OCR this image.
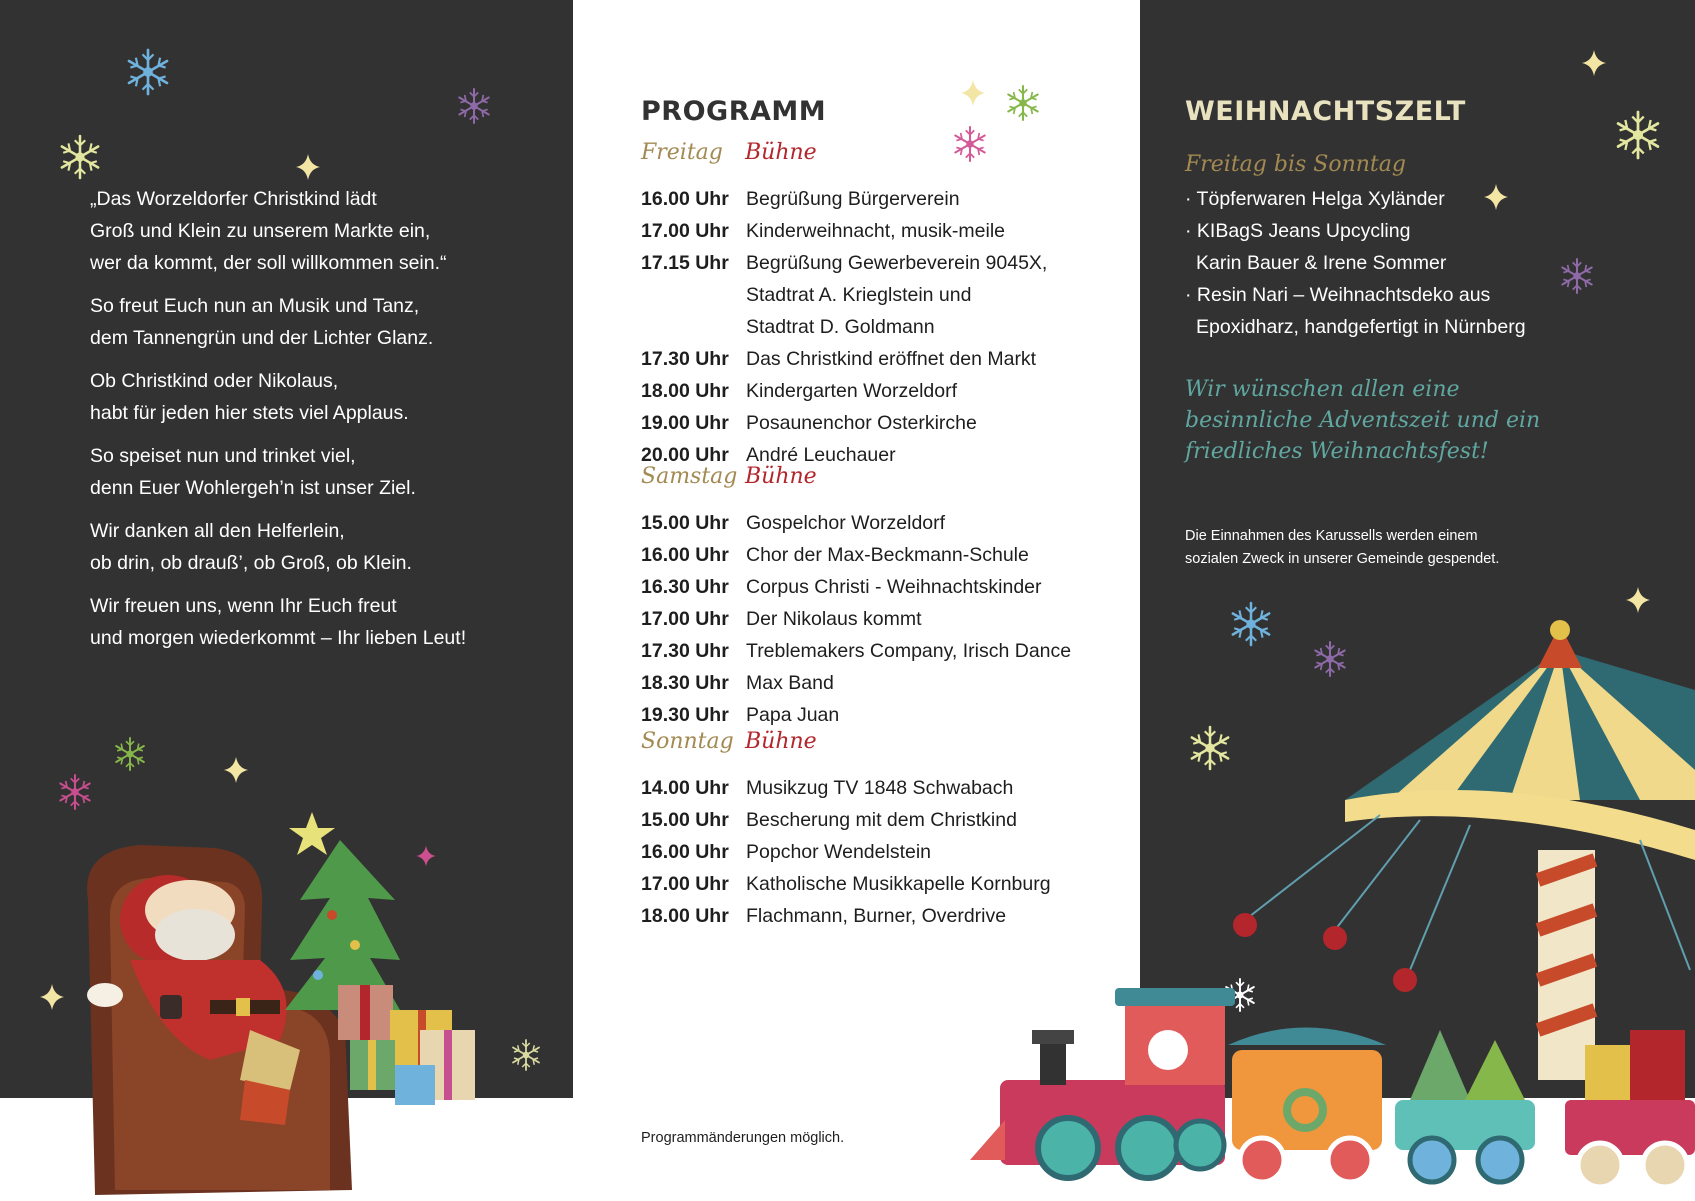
„Das Worzeldorfer Christkind lädt
Groß und Klein zu unserem Markte ein,
wer da kommt, der soll willkommen sein.“
So freut Euch nun an Musik und Tanz,
dem Tannengrün und der Lichter Glanz.
Ob Christkind oder Nikolaus,
habt für jeden hier stets viel Applaus.
So speiset nun und trinket viel,
denn Euer Wohlergeh’n ist unser Ziel.
Wir danken all den Helferlein,
ob drin, ob drauß’, ob Groß, ob Klein.
Wir freuen uns, wenn Ihr Euch freut
und morgen wiederkommt – Ihr lieben Leut!
PROGRAMM
Freitag Bühne
16.00 Uhr Begrüßung Bürgerverein
17.00 Uhr Kinderweihnacht, musik-meile
17.15 Uhr Begrüßung Gewerbeverein 9045X,
Stadtrat A. Krieglstein und
Stadtrat D. Goldmann
17.30 Uhr Das Christkind eröffnet den Markt
18.00 Uhr Kindergarten Worzeldorf
19.00 Uhr Posaunenchor Osterkirche
20.00 Uhr André Leuchauer
Samstag Bühne
15.00 Uhr Gospelchor Worzeldorf
16.00 Uhr Chor der Max-Beckmann-Schule
16.30 Uhr Corpus Christi - Weihnachtskinder
17.00 Uhr Der Nikolaus kommt
17.30 Uhr Treblemakers Company, Irisch Dance
18.30 Uhr Max Band
19.30 Uhr Papa Juan
Sonntag Bühne
14.00 Uhr Musikzug TV 1848 Schwabach
15.00 Uhr Bescherung mit dem Christkind
16.00 Uhr Popchor Wendelstein
17.00 Uhr Katholische Musikkapelle Kornburg
18.00 Uhr Flachmann, Burner, Overdrive
Programmänderungen möglich.
WEIHNACHTSZELT
Freitag bis Sonntag
· Töpferwaren Helga Xyländer
· KIBagS Jeans Upcycling
Karin Bauer & Irene Sommer
· Resin Nari – Weihnachtsdeko aus
Epoxidharz, handgefertigt in Nürnberg
Wir wünschen allen eine
besinnliche Adventszeit und ein
friedliches Weihnachtsfest!
Die Einnahmen des Karussells werden einem
sozialen Zweck in unserer Gemeinde gespendet.
